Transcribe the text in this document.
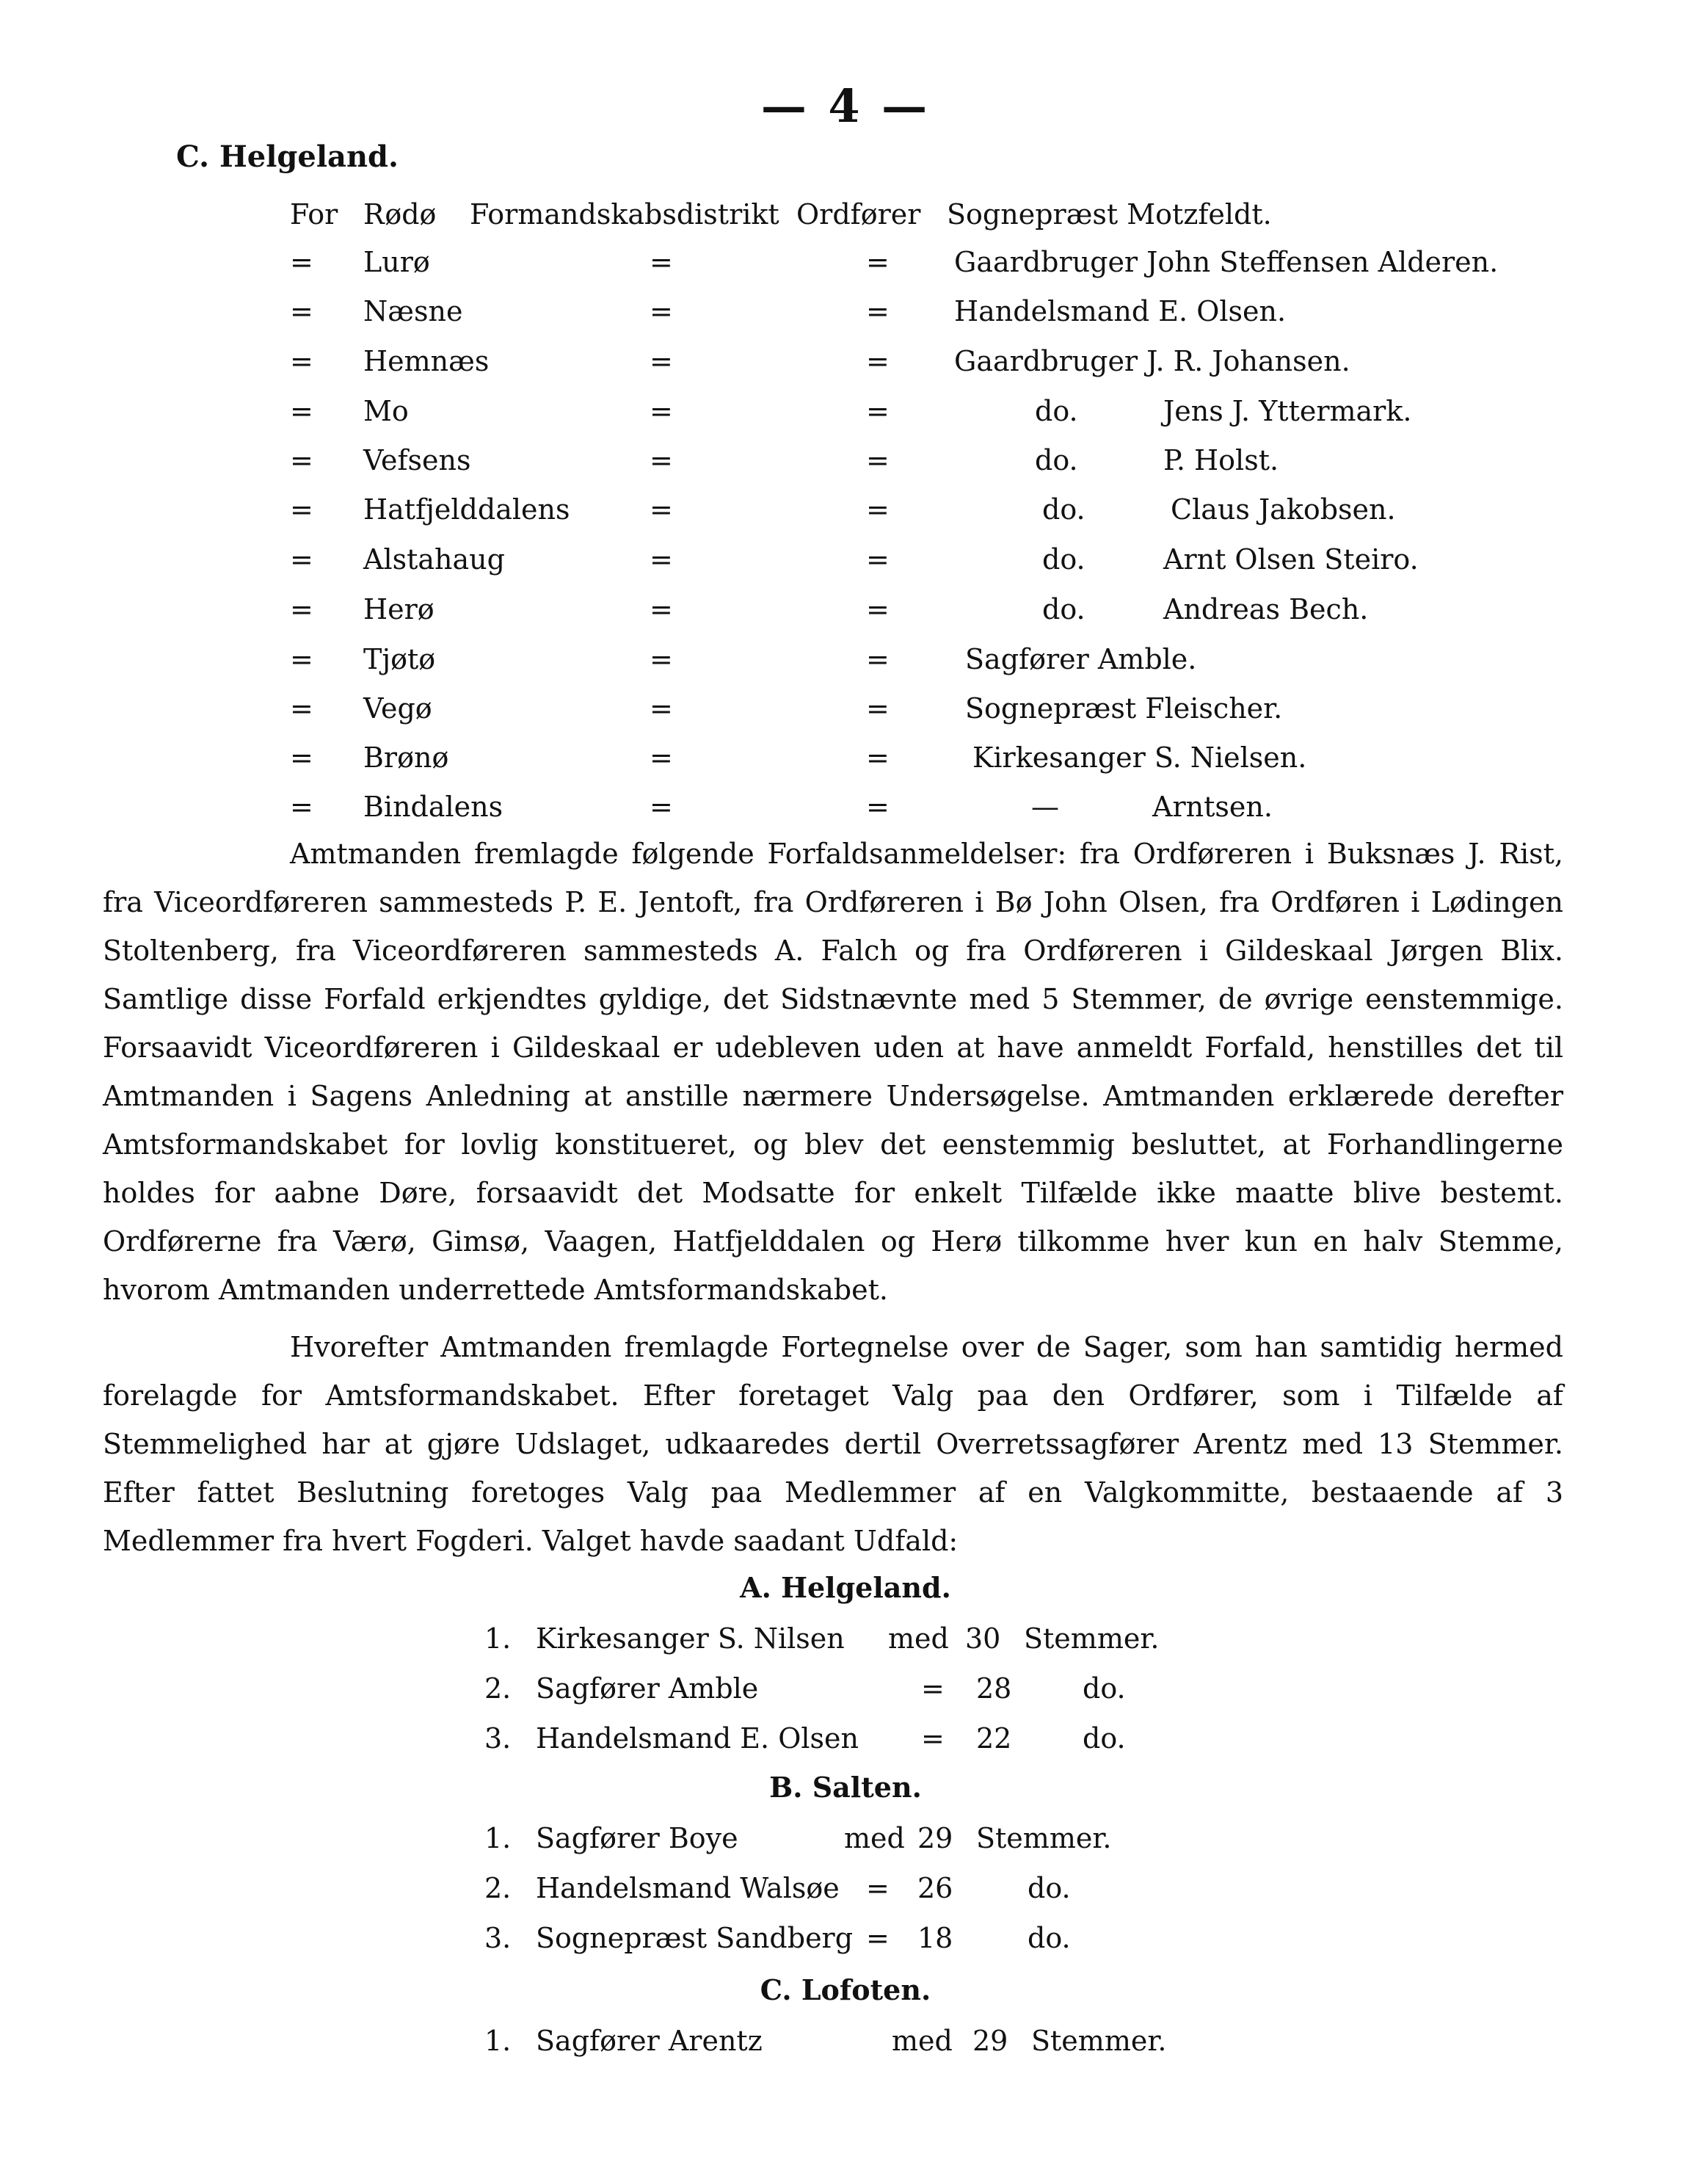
— 4 —
C. Helgeland.
For Rødø Formandskabsdistrikt Ordfører Sognepræst Motzfeldt.
= Lurø	=	= Gaardbruger John Steffensen Alderen.
= Næsne	=	= Handelsmand E. Olsen.
= Hemnæs	=	= Gaardbruger J. R. Johansen.
= Mo	=	=	do.	Jens J. Yttermark.
= Vefsens	=	=	do.	P. Holst.
= Hatfjelddalens	=	=	do.	Claus Jakobsen.
= Alstahaug	=	=	do.	Arnt Olsen Steiro.
= Herø	=	=	do.	Andreas Bech.
= Tjøtø	=	=	Sagfører Amble.
= Vegø	=	=	Sognepræst Fleischer.
= Brønø	=	=	Kirkesanger S. Nielsen.
= Bindalens	=	=	—	Arntsen.

Amtmanden fremlagde følgende Forfaldsanmeldelser: fra Ordføreren i Buksnæs J. Rist, fra Viceordføreren sammesteds P. E. Jentoft, fra Ordføreren i Bø John Olsen, fra Ordføren i Lødingen Stoltenberg, fra Viceordføreren sammesteds A. Falch og fra Ordføreren i Gildeskaal Jørgen Blix. Samtlige disse Forfald erkjendtes gyldige, det Sidstnævnte med 5 Stemmer, de øvrige eenstemmige. Forsaavidt Viceordføreren i Gildeskaal er udebleven uden at have anmeldt Forfald, henstilles det til Amtmanden i Sagens Anledning at anstille nærmere Undersøgelse. Amtmanden erklærede derefter Amtsformandskabet for lovlig konstitueret, og blev det eenstemmig besluttet, at Forhandlingerne holdes for aabne Døre, forsaavidt det Modsatte for enkelt Tilfælde ikke maatte blive bestemt. Ordførerne fra Værø, Gimsø, Vaagen, Hatfjelddalen og Herø tilkomme hver kun en halv Stemme, hvorom Amtmanden underrettede Amtsformandskabet.

Hvorefter Amtmanden fremlagde Fortegnelse over de Sager, som han samtidig hermed forelagde for Amtsformandskabet. Efter foretaget Valg paa den Ordfører, som i Tilfælde af Stemmelighed har at gjøre Udslaget, udkaaredes dertil Overretssagfører Arentz med 13 Stemmer. Efter fattet Beslutning foretoges Valg paa Medlemmer af en Valgkommitte, bestaaende af 3 Medlemmer fra hvert Fogderi. Valget havde saadant Udfald:

A. Helgeland.
1. Kirkesanger S. Nilsen med 30 Stemmer.
2. Sagfører Amble	= 28	do.
3. Handelsmand E. Olsen = 22	do.
B. Salten.
1. Sagfører Boye	med 29 Stemmer.
2. Handelsmand Walsøe = 26	do.
3. Sognepræst Sandberg = 18	do.
C. Lofoten.
1. Sagfører Arentz	med 29 Stemmer.
